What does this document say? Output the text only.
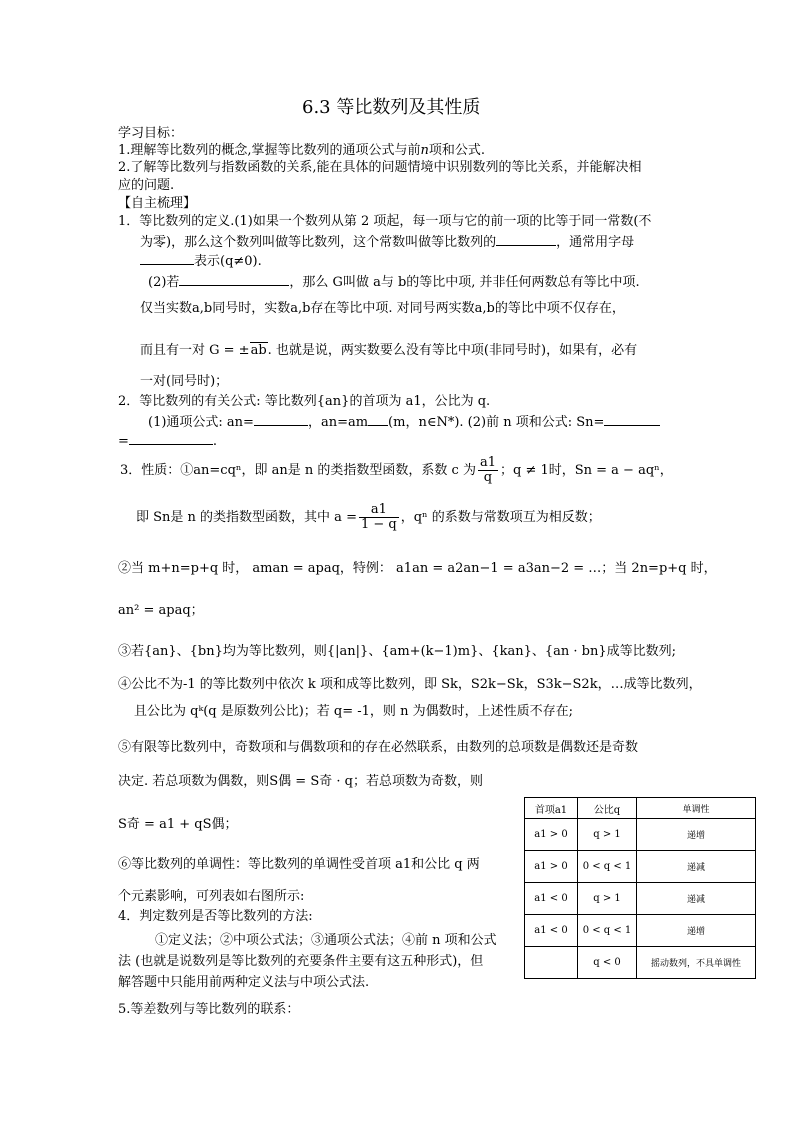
6.3 等比数列及其性质
学习目标：
1.理解等比数列的概念,掌握等比数列的通项公式与前n项和公式.
2.了解等比数列与指数函数的关系,能在具体的问题情境中识别数列的等比关系，并能解决相
应的问题.
【自主梳理】
1．等比数列的定义.(1)如果一个数列从第 2 项起，每一项与它的前一项的比等于同一常数(不
为零)，那么这个数列叫做等比数列，这个常数叫做等比数列的	，通常用字母
表示(q≠0).
(2)若	，那么 G叫做 a与 b的等比中项, 并非任何两数总有等比中项.
仅当实数a,b同号时，实数a,b存在等比中项. 对同号两实数a,b的等比中项不仅存在，
而且有一对 G = ±ab. 也就是说，两实数要么没有等比中项(非同号时)，如果有，必有
一对(同号时)；
2．等比数列的有关公式: 等比数列{an}的首项为 a1，公比为 q.
(1)通项公式: an=	，an=am (m，n∈N*). (2)前 n 项和公式: Sn=
=	.
3．性质：①an=cqⁿ，即 an是 n 的类指数型函数，系数 c 为 $\frac{a1}{q}$ ；q ≠ 1时，Sn = a − aqⁿ，
即 Sn是 n 的类指数型函数，其中 $a = \frac{a1}{1 - q}$ ，qⁿ 的系数与常数项互为相反数；
②当 m+n=p+q 时， aman = apaq，特例： a1an = a2an−1 = a3an−2 = …；当 2n=p+q 时，
an² = apaq；
③若{an}、{bn}均为等比数列，则{|an|}、{am+(k−1)m}、{kan}、{an · bn}成等比数列;
④公比不为-1 的等比数列中依次 k 项和成等比数列，即 Sk，S2k−Sk，S3k−S2k，…成等比数列，
且公比为 qᵏ(q 是原数列公比)；若 q= -1，则 n 为偶数时，上述性质不存在;
⑤有限等比数列中，奇数项和与偶数项和的存在必然联系，由数列的总项数是偶数还是奇数
决定. 若总项数为偶数，则S偶 = S奇 · q；若总项数为奇数，则
S奇 = a1 + qS偶；
⑥等比数列的单调性：等比数列的单调性受首项 a1和公比 q 两
个元素影响，可列表如右图所示:
4．判定数列是否等比数列的方法:
①定义法；②中项公式法；③通项公式法；④前 n 项和公式
法 (也就是说数列是等比数列的充要条件主要有这五种形式)，但
解答题中只能用前两种定义法与中项公式法.
5.等差数列与等比数列的联系：
首项a1	公比q	单调性
a1 > 0	q > 1	递增
a1 > 0	0 < q < 1	递减
a1 < 0	q > 1	递减
a1 < 0	0 < q < 1	递增
	q < 0	摇动数列，不具单调性
